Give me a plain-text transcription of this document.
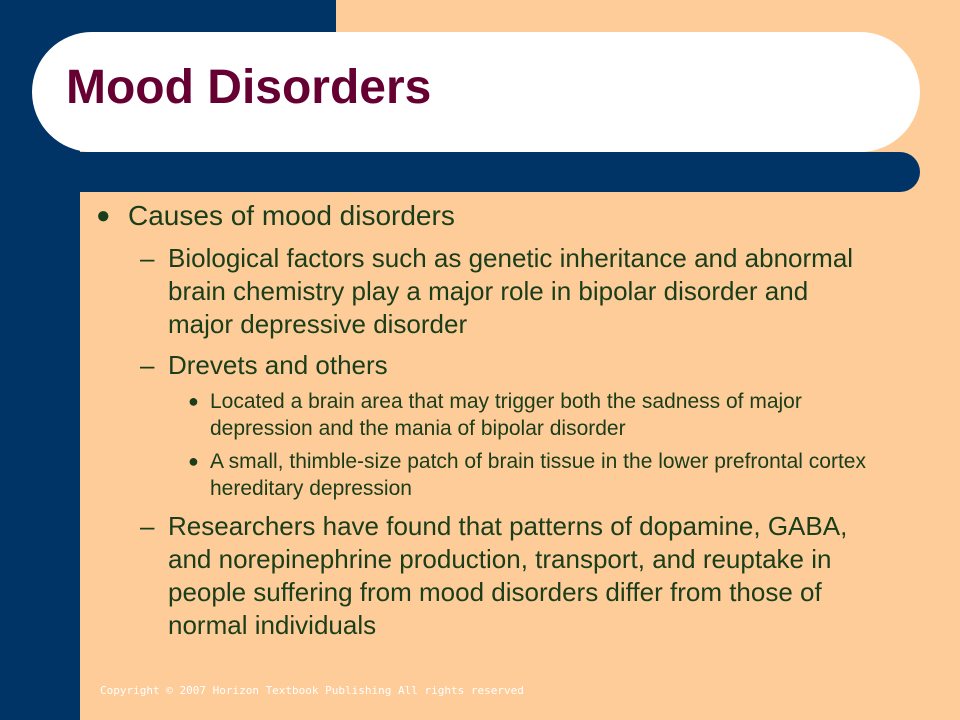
Mood Disorders
● Causes of mood disorders
– Biological factors such as genetic inheritance and abnormal brain chemistry play a major role in bipolar disorder and major depressive disorder
– Drevets and others
● Located a brain area that may trigger both the sadness of major depression and the mania of bipolar disorder
● A small, thimble-size patch of brain tissue in the lower prefrontal cortex hereditary depression
– Researchers have found that patterns of dopamine, GABA, and norepinephrine production, transport, and reuptake in people suffering from mood disorders differ from those of normal individuals
Copyright © 2007 Horizon Textbook Publishing All rights reserved
